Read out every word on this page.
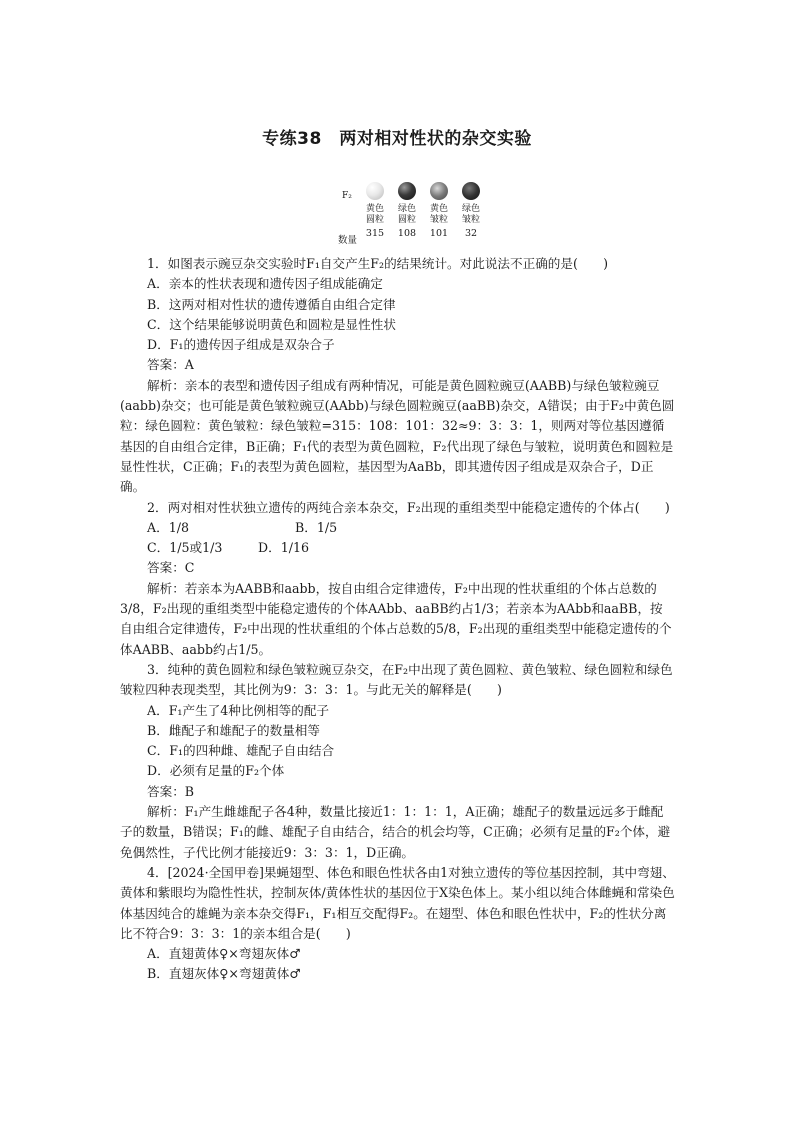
专练38　两对相对性状的杂交实验
F₂
数量
黄色
圆粒
315
绿色
圆粒
108
黄色
皱粒
101
绿色
皱粒
32

1．如图表示豌豆杂交实验时F₁自交产生F₂的结果统计。对此说法不正确的是(　　)

A．亲本的性状表现和遗传因子组成能确定

B．这两对相对性状的遗传遵循自由组合定律

C．这个结果能够说明黄色和圆粒是显性性状

D．F₁的遗传因子组成是双杂合子

答案：A

解析：亲本的表型和遗传因子组成有两种情况，可能是黄色圆粒豌豆(AABB)与绿色皱粒豌豆(aabb)杂交；也可能是黄色皱粒豌豆(AAbb)与绿色圆粒豌豆(aaBB)杂交，A错误；由于F₂中黄色圆粒：绿色圆粒：黄色皱粒：绿色皱粒=315：108：101：32≈9：3：3：1，则两对等位基因遵循基因的自由组合定律，B正确；F₁代的表型为黄色圆粒，F₂代出现了绿色与皱粒，说明黄色和圆粒是显性性状，C正确；F₁的表型为黄色圆粒，基因型为AaBb，即其遗传因子组成是双杂合子，D正确。

2．两对相对性状独立遗传的两纯合亲本杂交，F₂出现的重组类型中能稳定遗传的个体占(　　)

A．1/8	B．1/5
C．1/5或1/3	D．1/16

答案：C

解析：若亲本为AABB和aabb，按自由组合定律遗传，F₂中出现的性状重组的个体占总数的3/8，F₂出现的重组类型中能稳定遗传的个体AAbb、aaBB约占1/3；若亲本为AAbb和aaBB，按自由组合定律遗传，F₂中出现的性状重组的个体占总数的5/8，F₂出现的重组类型中能稳定遗传的个体AABB、aabb约占1/5。

3．纯种的黄色圆粒和绿色皱粒豌豆杂交，在F₂中出现了黄色圆粒、黄色皱粒、绿色圆粒和绿色皱粒四种表现类型，其比例为9：3：3：1。与此无关的解释是(　　)

A．F₁产生了4种比例相等的配子

B．雌配子和雄配子的数量相等

C．F₁的四种雌、雄配子自由结合

D．必须有足量的F₂个体

答案：B

解析：F₁产生雌雄配子各4种，数量比接近1：1：1：1，A正确；雄配子的数量远远多于雌配子的数量，B错误；F₁的雌、雄配子自由结合，结合的机会均等，C正确；必须有足量的F₂个体，避免偶然性，子代比例才能接近9：3：3：1，D正确。

4．[2024·全国甲卷]果蝇翅型、体色和眼色性状各由1对独立遗传的等位基因控制，其中弯翅、黄体和紫眼均为隐性性状，控制灰体/黄体性状的基因位于X染色体上。某小组以纯合体雌蝇和常染色体基因纯合的雄蝇为亲本杂交得F₁，F₁相互交配得F₂。在翅型、体色和眼色性状中，F₂的性状分离比不符合9：3：3：1的亲本组合是(　　)

A．直翅黄体♀×弯翅灰体♂

B．直翅灰体♀×弯翅黄体♂
